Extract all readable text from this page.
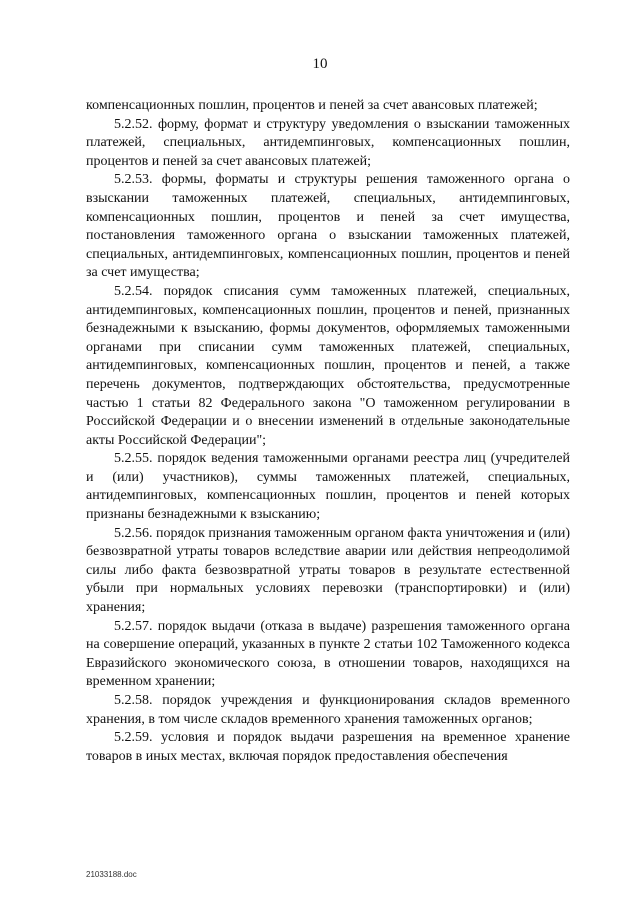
10

компенсационных пошлин, процентов и пеней за счет авансовых платежей;

5.2.52. форму, формат и структуру уведомления о взыскании таможенных платежей, специальных, антидемпинговых, компенсационных пошлин, процентов и пеней за счет авансовых платежей;

5.2.53. формы, форматы и структуры решения таможенного органа о взыскании таможенных платежей, специальных, антидемпинговых, компенсационных пошлин, процентов и пеней за счет имущества, постановления таможенного органа о взыскании таможенных платежей, специальных, антидемпинговых, компенсационных пошлин, процентов и пеней за счет имущества;

5.2.54. порядок списания сумм таможенных платежей, специальных, антидемпинговых, компенсационных пошлин, процентов и пеней, признанных безнадежными к взысканию, формы документов, оформляемых таможенными органами при списании сумм таможенных платежей, специальных, антидемпинговых, компенсационных пошлин, процентов и пеней, а также перечень документов, подтверждающих обстоятельства, предусмотренные частью 1 статьи 82 Федерального закона "О таможенном регулировании в Российской Федерации и о внесении изменений в отдельные законодательные акты Российской Федерации";

5.2.55. порядок ведения таможенными органами реестра лиц (учредителей и (или) участников), суммы таможенных платежей, специальных, антидемпинговых, компенсационных пошлин, процентов и пеней которых признаны безнадежными к взысканию;

5.2.56. порядок признания таможенным органом факта уничтожения и (или) безвозвратной утраты товаров вследствие аварии или действия непреодолимой силы либо факта безвозвратной утраты товаров в результате естественной убыли при нормальных условиях перевозки (транспортировки) и (или) хранения;

5.2.57. порядок выдачи (отказа в выдаче) разрешения таможенного органа на совершение операций, указанных в пункте 2 статьи 102 Таможенного кодекса Евразийского экономического союза, в отношении товаров, находящихся на временном хранении;

5.2.58. порядок учреждения и функционирования складов временного хранения, в том числе складов временного хранения таможенных органов;

5.2.59. условия и порядок выдачи разрешения на временное хранение товаров в иных местах, включая порядок предоставления обеспечения

21033188.doc
